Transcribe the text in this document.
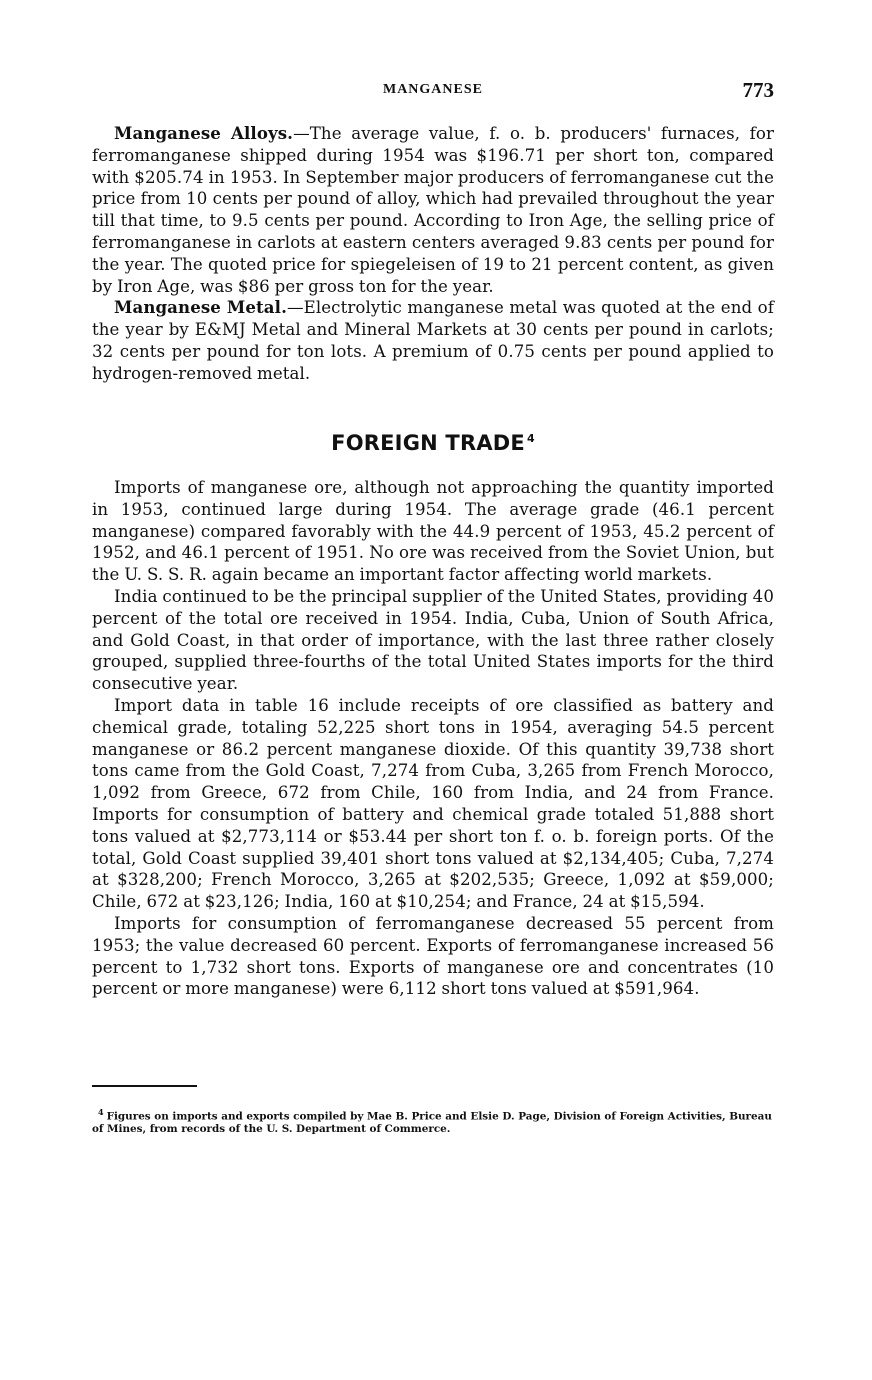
MANGANESE	773

Manganese Alloys.—The average value, f. o. b. producers' furnaces, for ferromanganese shipped during 1954 was $196.71 per short ton, compared with $205.74 in 1953. In September major producers of ferromanganese cut the price from 10 cents per pound of alloy, which had prevailed throughout the year till that time, to 9.5 cents per pound. According to Iron Age, the selling price of ferromanganese in carlots at eastern centers averaged 9.83 cents per pound for the year. The quoted price for spiegeleisen of 19 to 21 percent content, as given by Iron Age, was $86 per gross ton for the year.

Manganese Metal.—Electrolytic manganese metal was quoted at the end of the year by E&MJ Metal and Mineral Markets at 30 cents per pound in carlots; 32 cents per pound for ton lots. A premium of 0.75 cents per pound applied to hydrogen-removed metal.

FOREIGN TRADE $^4$

Imports of manganese ore, although not approaching the quantity imported in 1953, continued large during 1954. The average grade (46.1 percent manganese) compared favorably with the 44.9 percent of 1953, 45.2 percent of 1952, and 46.1 percent of 1951. No ore was received from the Soviet Union, but the U. S. S. R. again became an important factor affecting world markets.

India continued to be the principal supplier of the United States, providing 40 percent of the total ore received in 1954. India, Cuba, Union of South Africa, and Gold Coast, in that order of importance, with the last three rather closely grouped, supplied three-fourths of the total United States imports for the third consecutive year.

Import data in table 16 include receipts of ore classified as battery and chemical grade, totaling 52,225 short tons in 1954, averaging 54.5 percent manganese or 86.2 percent manganese dioxide. Of this quantity 39,738 short tons came from the Gold Coast, 7,274 from Cuba, 3,265 from French Morocco, 1,092 from Greece, 672 from Chile, 160 from India, and 24 from France. Imports for consumption of battery and chemical grade totaled 51,888 short tons valued at $2,773,114 or $53.44 per short ton f. o. b. foreign ports. Of the total, Gold Coast supplied 39,401 short tons valued at $2,134,405; Cuba, 7,274 at $328,200; French Morocco, 3,265 at $202,535; Greece, 1,092 at $59,000; Chile, 672 at $23,126; India, 160 at $10,254; and France, 24 at $15,594.

Imports for consumption of ferromanganese decreased 55 percent from 1953; the value decreased 60 percent. Exports of ferromanganese increased 56 percent to 1,732 short tons. Exports of manganese ore and concentrates (10 percent or more manganese) were 6,112 short tons valued at $591,964.

$^4$ Figures on imports and exports compiled by Mae B. Price and Elsie D. Page, Division of Foreign Activities, Bureau of Mines, from records of the U. S. Department of Commerce.
